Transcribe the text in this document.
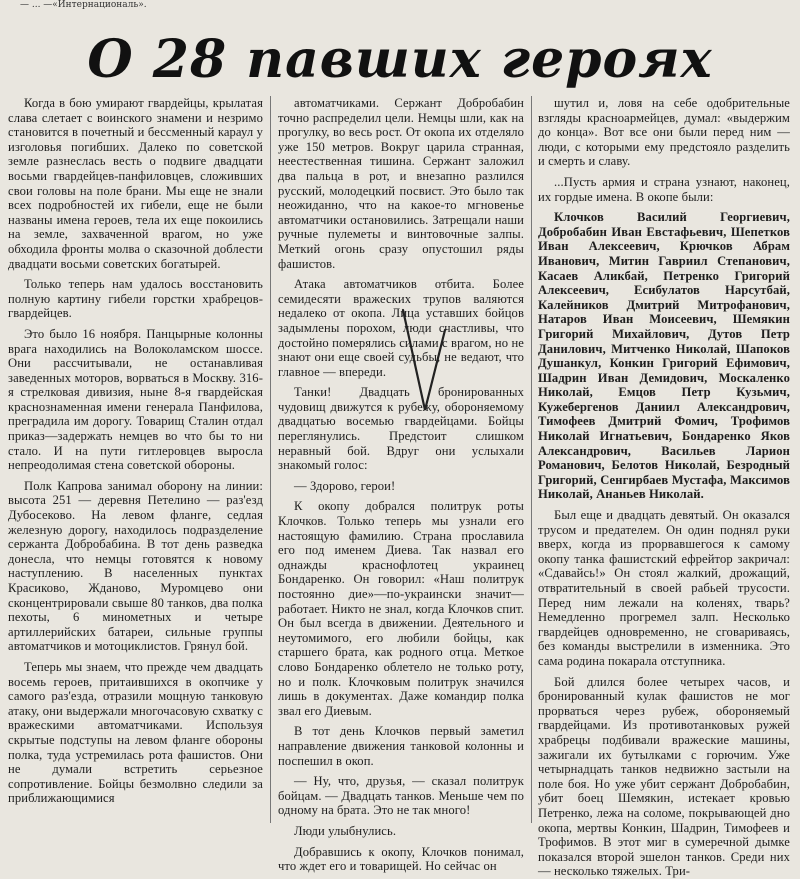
— ... —«Интернациональ».
О 28 павших героях

Когда в бою умирают гвардейцы, крылатая слава слетает с воинского знамени и незримо становится в почетный и бессменный караул у изголовья погибших. Далеко по советской земле разнеслась весть о подвиге двадцати восьми гвардейцев-панфиловцев, сложивших свои головы на поле брани. Мы еще не знали всех подробностей их гибели, еще не были названы имена героев, тела их еще покоились на земле, захваченной врагом, но уже обходила фронты молва о сказочной доблести двадцати восьми советских богатырей.

Только теперь нам удалось восстановить полную картину гибели горстки храбрецов-гвардейцев.

Это было 16 ноября. Панцырные колонны врага находились на Волоколамском шоссе. Они рассчитывали, не останавливая заведенных моторов, ворваться в Москву. 316-я стрелковая дивизия, ныне 8-я гвардейская краснознаменная имени генерала Панфилова, преградила им дорогу. Товарищ Сталин отдал приказ—задержать немцев во что бы то ни стало. И на пути гитлеровцев выросла непреодолимая стена советской обороны.

Полк Капрова занимал оборону на линии: высота 251 — деревня Петелино — раз'езд Дубосеково. На левом фланге, седлая железную дорогу, находилось подразделение сержанта Добробабина. В тот день разведка донесла, что немцы готовятся к новому наступлению. В населенных пунктах Красиково, Жданово, Муромцево они сконцентрировали свыше 80 танков, два полка пехоты, 6 минометных и четыре артиллерийских батареи, сильные группы автоматчиков и мотоциклистов. Грянул бой.

Теперь мы знаем, что прежде чем двадцать восемь героев, притаившихся в окопчике у самого раз'езда, отразили мощную танковую атаку, они выдержали многочасовую схватку с вражескими автоматчиками. Используя скрытые подступы на левом фланге обороны полка, туда устремилась рота фашистов. Они не думали встретить серьезное сопротивление. Бойцы безмолвно следили за приближающимися

автоматчиками. Сержант Добробабин точно распределил цели. Немцы шли, как на прогулку, во весь рост. От окопа их отделяло уже 150 метров. Вокруг царила странная, неестественная тишина. Сержант заложил два пальца в рот, и внезапно разлился русский, молодецкий посвист. Это было так неожиданно, что на какое-то мгновенье автоматчики остановились. Затрещали наши ручные пулеметы и винтовочные залпы. Меткий огонь сразу опустошил ряды фашистов.

Атака автоматчиков отбита. Более семидесяти вражеских трупов валяются недалеко от окопа. Лица уставших бойцов задымлены порохом, люди счастливы, что достойно померялись силами с врагом, но не знают они еще своей судьбы, не ведают, что главное — впереди.

Танки! Двадцать бронированных чудовищ движутся к рубежу, обороняемому двадцатью восемью гвардейцами. Бойцы переглянулись. Предстоит слишком неравный бой. Вдруг они услыхали знакомый голос:

— Здорово, герои!

К окопу добрался политрук роты Клочков. Только теперь мы узнали его настоящую фамилию. Страна прославила его под именем Диева. Так назвал его однажды краснофлотец украинец Бондаренко. Он говорил: «Наш политрук постоянно дие»—по-украински значит—работает. Никто не знал, когда Клочков спит. Он был всегда в движении. Деятельного и неутомимого, его любили бойцы, как старшего брата, как родного отца. Меткое слово Бондаренко облетело не только роту, но и полк. Клочковым политрук значился лишь в документах. Даже командир полка звал его Диевым.

В тот день Клочков первый заметил направление движения танковой колонны и поспешил в окоп.

— Ну, что, друзья, — сказал политрук бойцам. — Двадцать танков. Меньше чем по одному на брата. Это не так много!

Люди улыбнулись.

Добравшись к окопу, Клочков понимал, что ждет его и товарищей. Но сейчас он

шутил и, ловя на себе одобрительные взгляды красноармейцев, думал: «выдержим до конца». Вот все они были перед ним — люди, с которыми ему предстояло разделить и смерть и славу.

...Пусть армия и страна узнают, наконец, их гордые имена. В окопе были:

Клочков Василий Георгиевич, Добробабин Иван Евстафьевич, Шепетков Иван Алексеевич, Крючков Абрам Иванович, Митин Гавриил Степанович, Касаев Аликбай, Петренко Григорий Алексеевич, Есибулатов Нарсутбай, Калейников Дмитрий Митрофанович, Натаров Иван Моисеевич, Шемякин Григорий Михайлович, Дутов Петр Данилович, Митченко Николай, Шапоков Душанкул, Конкин Григорий Ефимович, Шадрин Иван Демидович, Москаленко Николай, Емцов Петр Кузьмич, Кужебергенов Даниил Александрович, Тимофеев Дмитрий Фомич, Трофимов Николай Игнатьевич, Бондаренко Яков Александрович, Васильев Ларион Романович, Белотов Николай, Безродный Григорий, Сенгирбаев Мустафа, Максимов Николай, Ананьев Николай.

Был еще и двадцать девятый. Он оказался трусом и предателем. Он один поднял руки вверх, когда из прорвавшегося к самому окопу танка фашистский ефрейтор закричал: «Сдавайсь!» Он стоял жалкий, дрожащий, отвратительный в своей рабьей трусости. Перед ним лежали на коленях, тварь? Немедленно прогремел залп. Несколько гвардейцев одновременно, не сговариваясь, без команды выстрелили в изменника. Это сама родина покарала отступника.

Бой длился более четырех часов, и бронированный кулак фашистов не мог прорваться через рубеж, обороняемый гвардейцами. Из противотанковых ружей храбрецы подбивали вражеские машины, зажигали их бутылками с горючим. Уже четырнадцать танков недвижно застыли на поле боя. Но уже убит сержант Добробабин, убит боец Шемякин, истекает кровью Петренко, лежа на соломе, покрывающей дно окопа, мертвы Конкин, Шадрин, Тимофеев и Трофимов. В этот миг в сумеречной дымке показался второй эшелон танков. Среди них — несколько тяжелых. Три-
